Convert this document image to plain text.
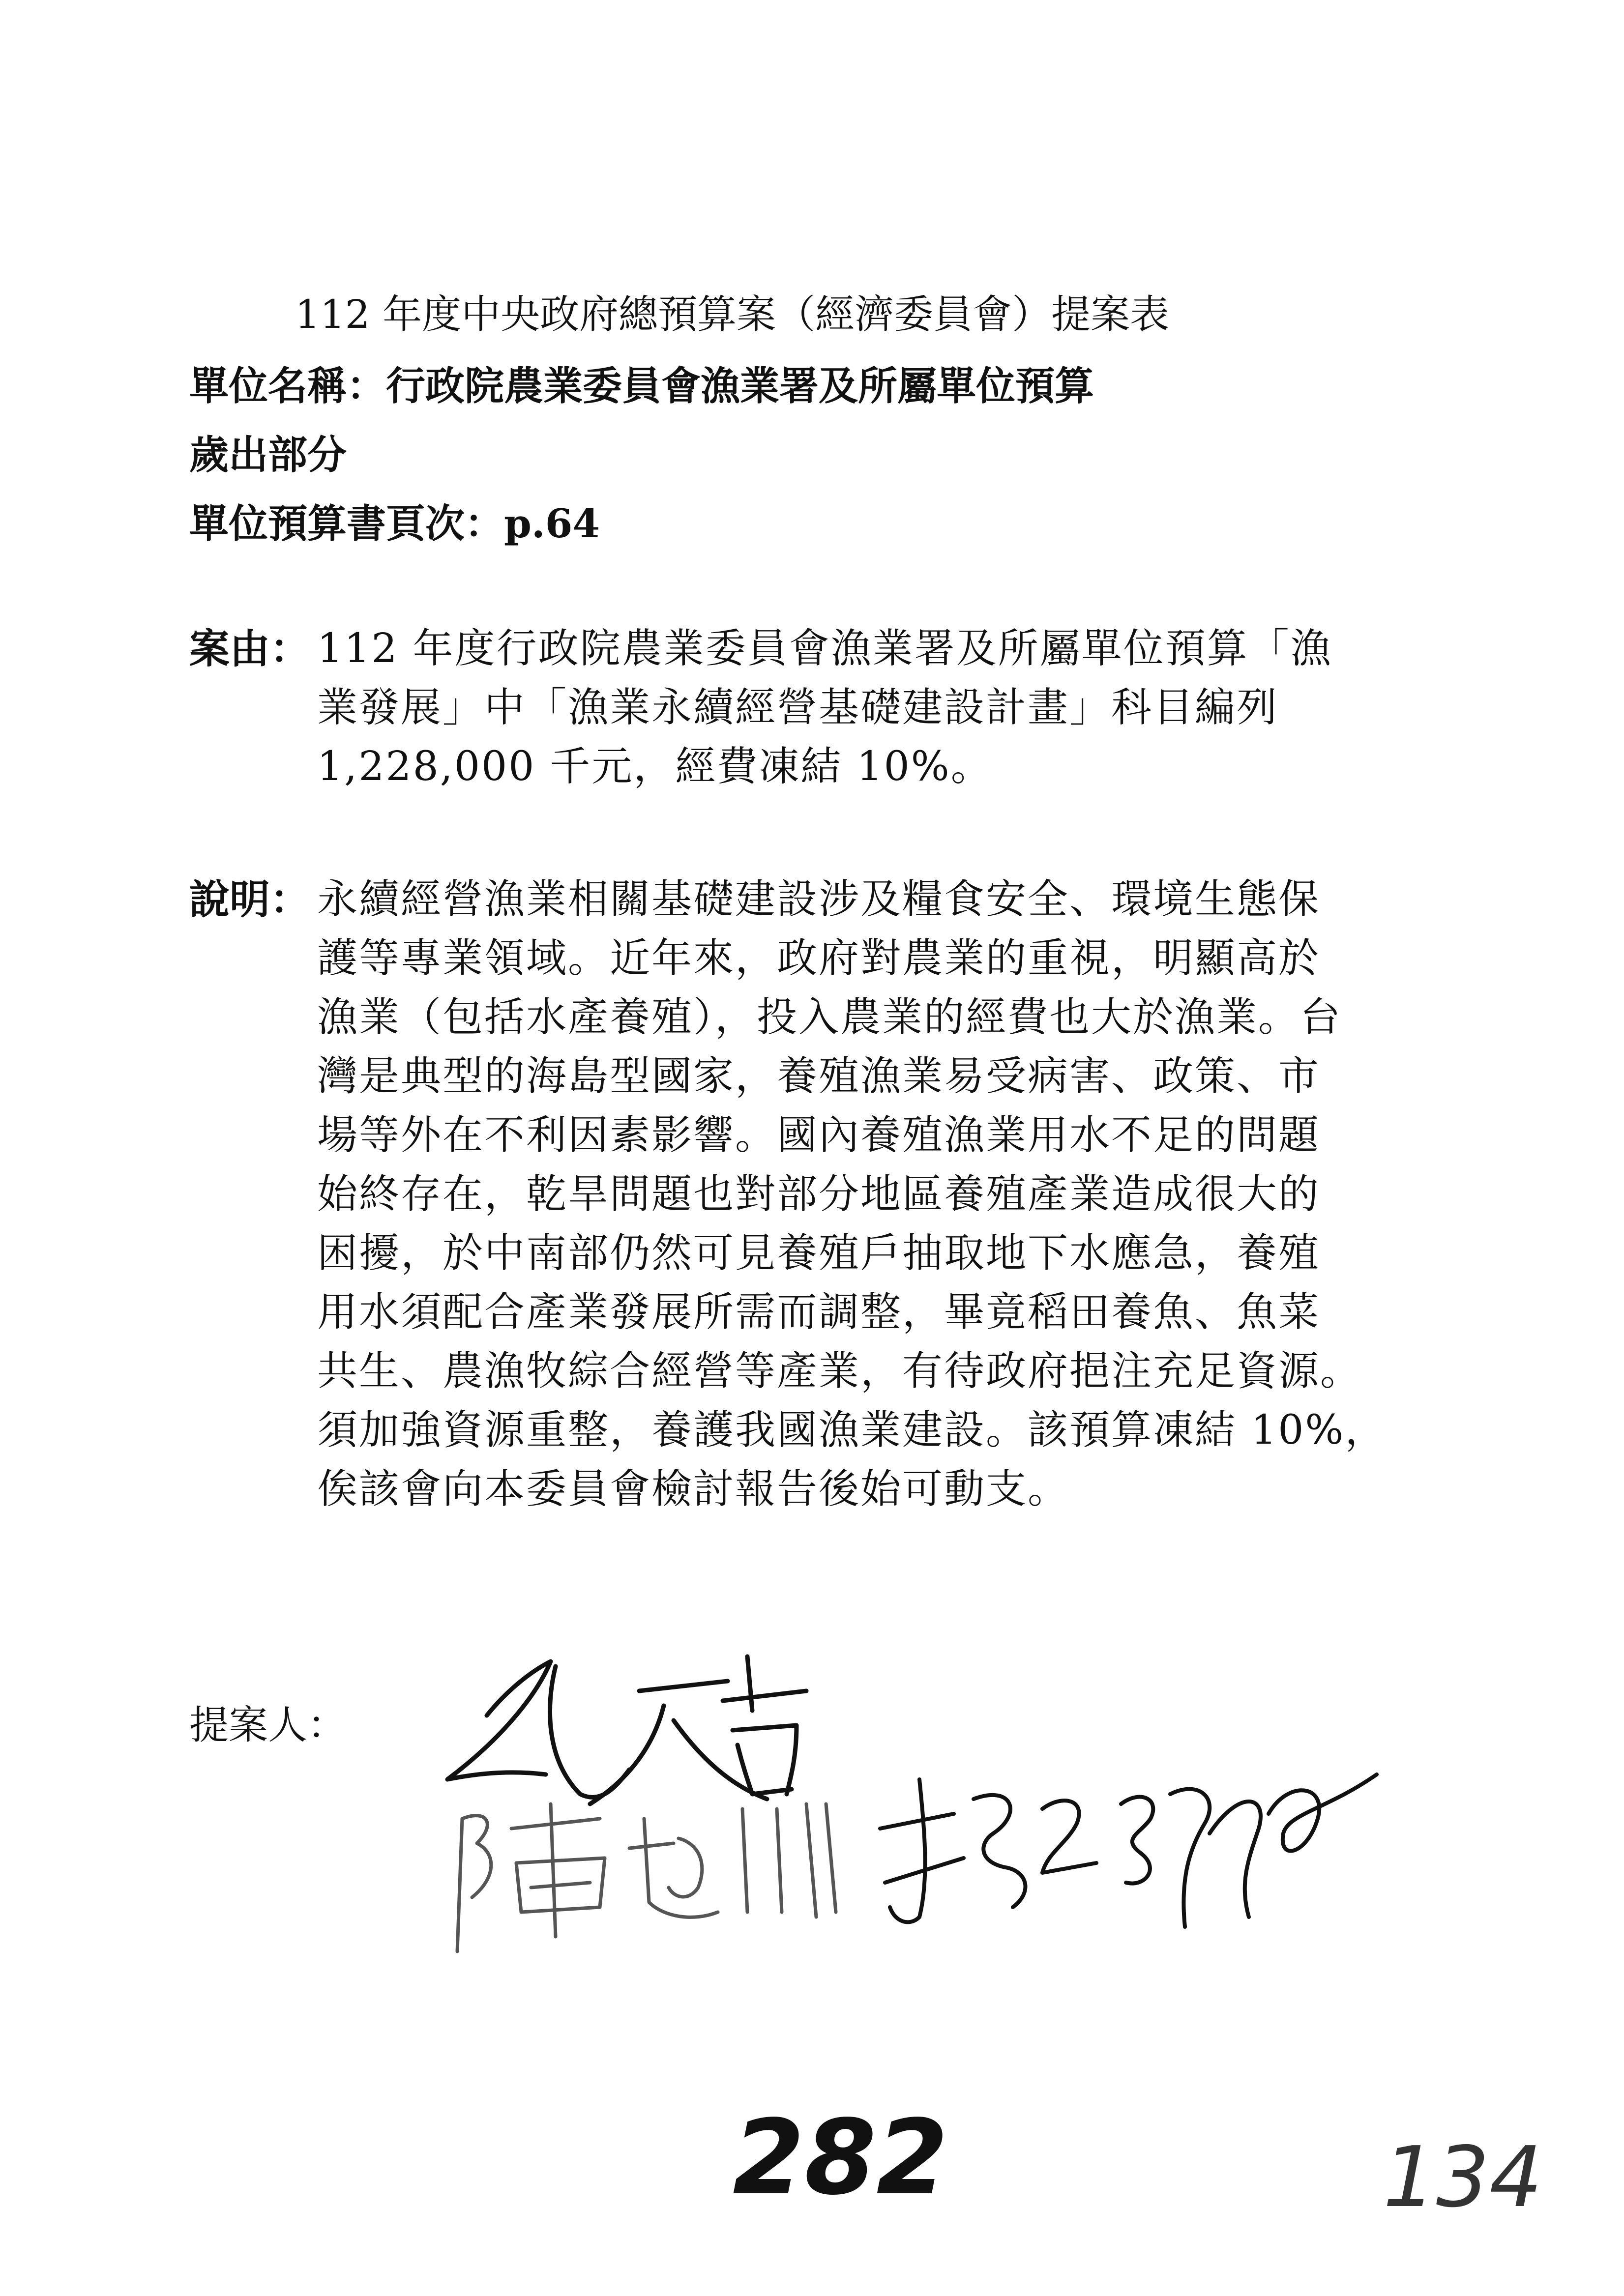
112 年度中央政府總預算案（經濟委員會）提案表
單位名稱：行政院農業委員會漁業署及所屬單位預算
歲出部分
單位預算書頁次：p.64
案由： 112 年度行政院農業委員會漁業署及所屬單位預算「漁
業發展」中「漁業永續經營基礎建設計畫」科目編列
1,228,000 千元，經費凍結 10%。
說明： 永續經營漁業相關基礎建設涉及糧食安全、環境生態保
護等專業領域。近年來，政府對農業的重視，明顯高於
漁業（包括水產養殖），投入農業的經費也大於漁業。台
灣是典型的海島型國家，養殖漁業易受病害、政策、市
場等外在不利因素影響。國內養殖漁業用水不足的問題
始終存在，乾旱問題也對部分地區養殖產業造成很大的
困擾，於中南部仍然可見養殖戶抽取地下水應急，養殖
用水須配合產業發展所需而調整，畢竟稻田養魚、魚菜
共生、農漁牧綜合經營等產業，有待政府挹注充足資源。
須加強資源重整，養護我國漁業建設。該預算凍結 10%，
俟該會向本委員會檢討報告後始可動支。
提案人：
282	134
